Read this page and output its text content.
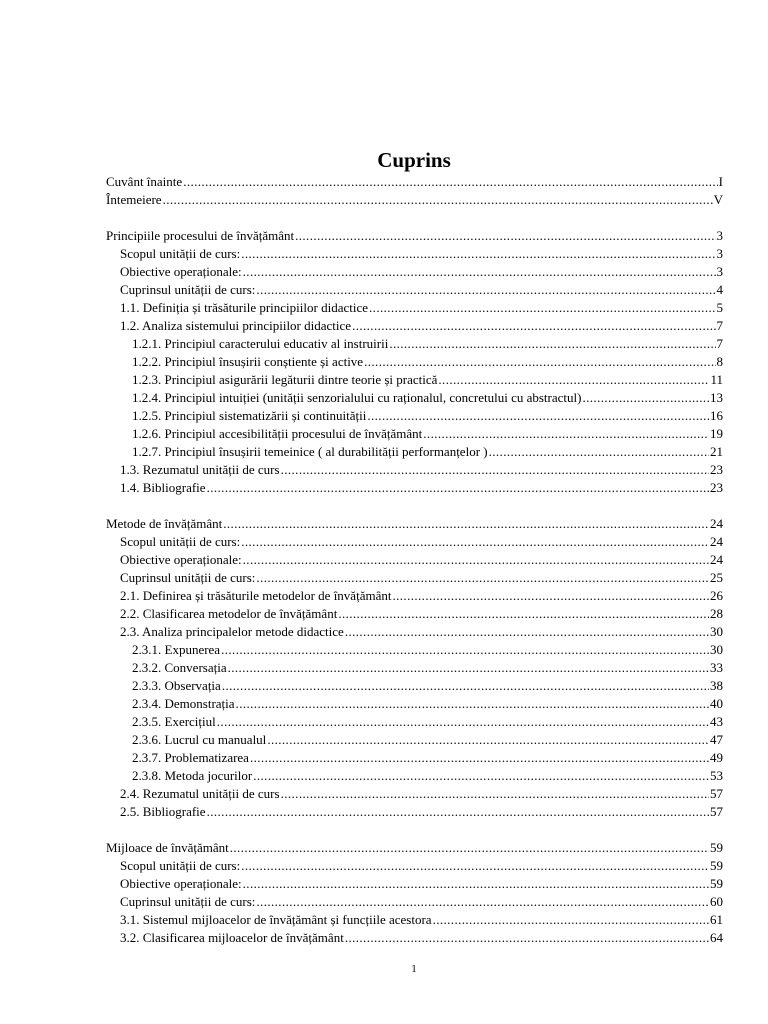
Cuprins
Cuvânt înainte .....	I
Întemeiere .....	V
Principiile procesului de învățământ .....	3
Scopul unității de curs: .....	3
Obiective operaționale: .....	3
Cuprinsul unității de curs: .....	4
1.1. Definiția și trăsăturile principiilor didactice .....	5
1.2. Analiza sistemului principiilor didactice .....	7
1.2.1. Principiul caracterului educativ al instruirii .....	7
1.2.2. Principiul însușirii conștiente și active .....	8
1.2.3. Principiul asigurării legăturii dintre teorie și practică .....	11
1.2.4. Principiul intuiției (unității senzorialului cu raționalul, concretului cu abstractul) .....	13
1.2.5. Principiul sistematizării și continuității .....	16
1.2.6. Principiul accesibilității procesului de învățământ .....	19
1.2.7. Principiul însușirii temeinice ( al durabilității performanțelor ) .....	21
1.3. Rezumatul unității de curs .....	23
1.4. Bibliografie .....	23
Metode de învățământ .....	24
Scopul unității de curs: .....	24
Obiective operaționale: .....	24
Cuprinsul unității de curs: .....	25
2.1. Definirea și trăsăturile metodelor de învățământ .....	26
2.2. Clasificarea metodelor de învățământ .....	28
2.3. Analiza principalelor metode didactice .....	30
2.3.1. Expunerea .....	30
2.3.2. Conversația .....	33
2.3.3. Observația .....	38
2.3.4. Demonstrația .....	40
2.3.5. Exercițiul .....	43
2.3.6. Lucrul cu manualul .....	47
2.3.7. Problematizarea .....	49
2.3.8. Metoda jocurilor .....	53
2.4. Rezumatul unității de curs .....	57
2.5. Bibliografie .....	57
Mijloace de învățământ .....	59
Scopul unității de curs: .....	59
Obiective operaționale: .....	59
Cuprinsul unității de curs: .....	60
3.1. Sistemul mijloacelor de învățământ și funcțiile acestora .....	61
3.2. Clasificarea mijloacelor de învățământ .....	64
1
